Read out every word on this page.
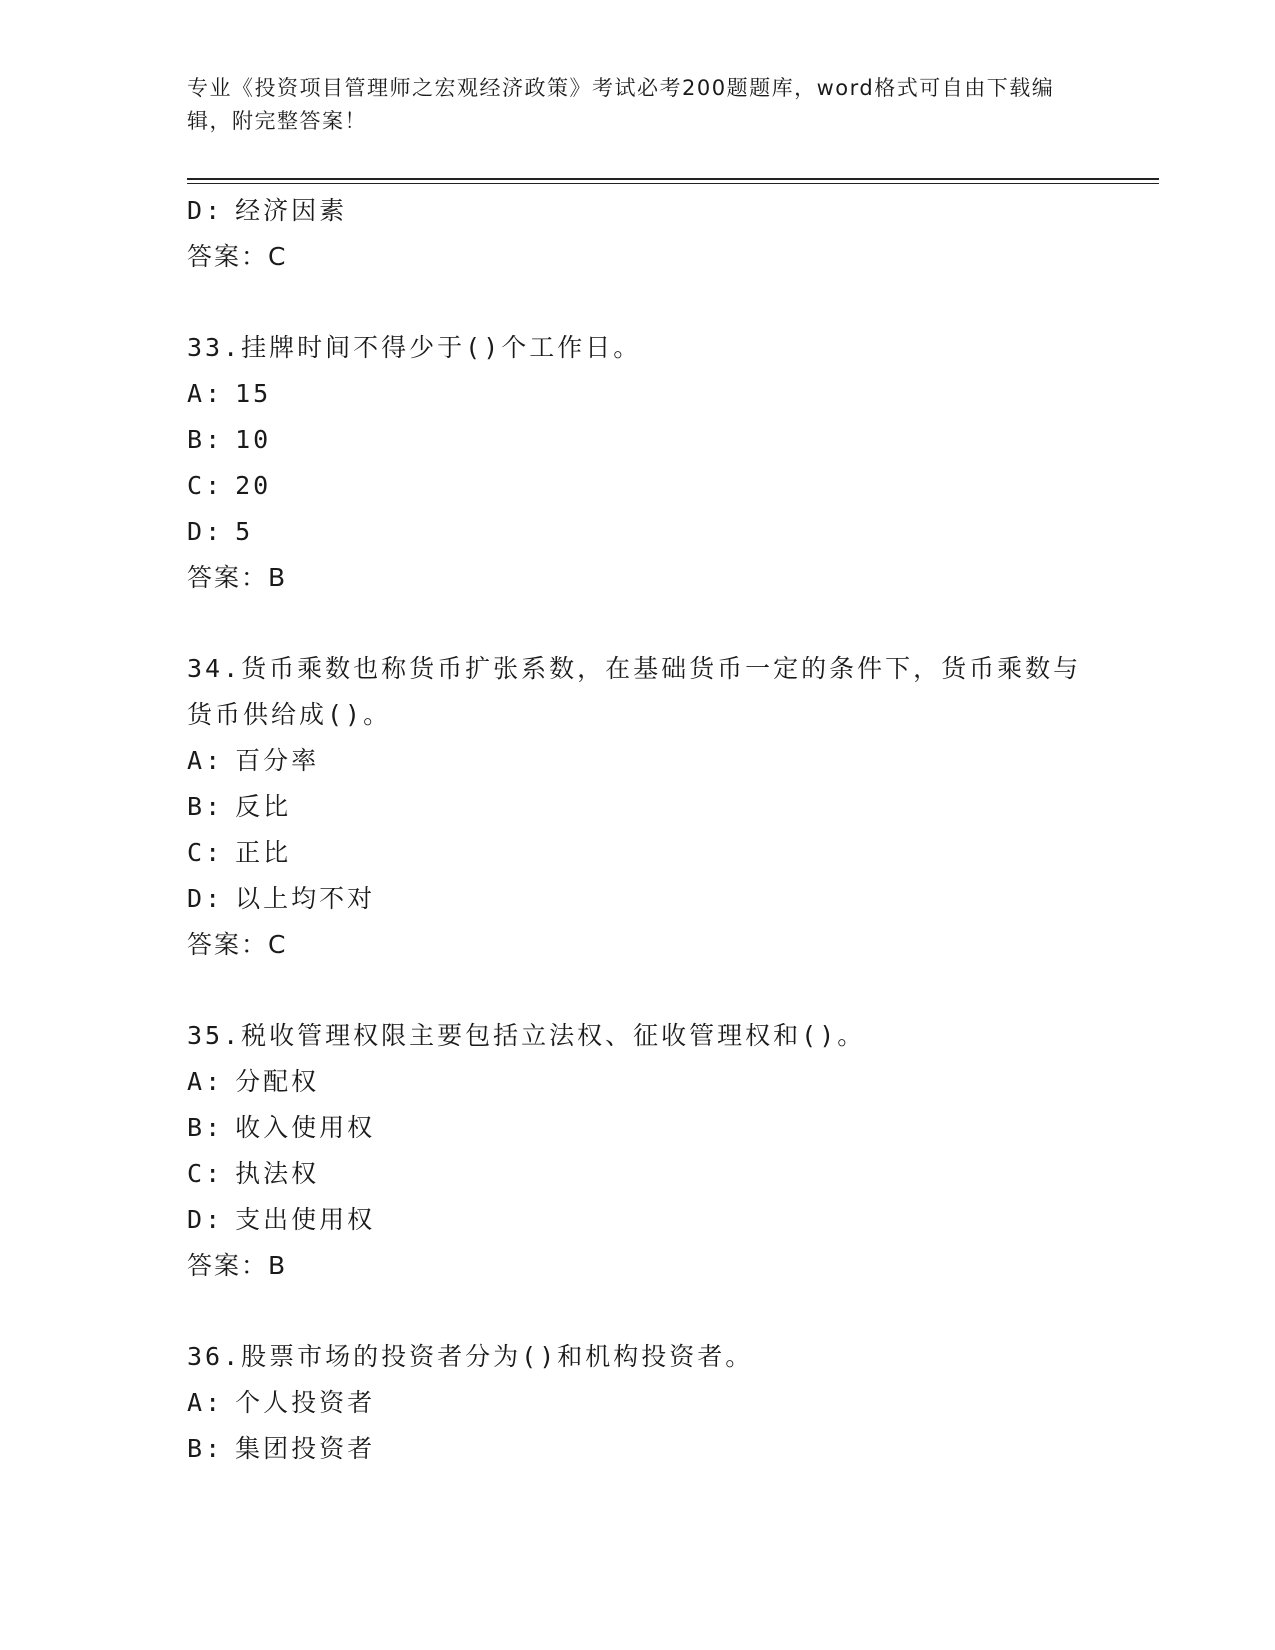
专业《投资项目管理师之宏观经济政策》考试必考200题题库，word格式可自由下载编辑，附完整答案！
D: 经济因素
答案：C
33.挂牌时间不得少于()个工作日。
A: 15
B: 10
C: 20
D: 5
答案：B
34.货币乘数也称货币扩张系数，在基础货币一定的条件下，货币乘数与货币供给成()。
A: 百分率
B: 反比
C: 正比
D: 以上均不对
答案：C
35.税收管理权限主要包括立法权、征收管理权和()。
A: 分配权
B: 收入使用权
C: 执法权
D: 支出使用权
答案：B
36.股票市场的投资者分为()和机构投资者。
A: 个人投资者
B: 集团投资者
